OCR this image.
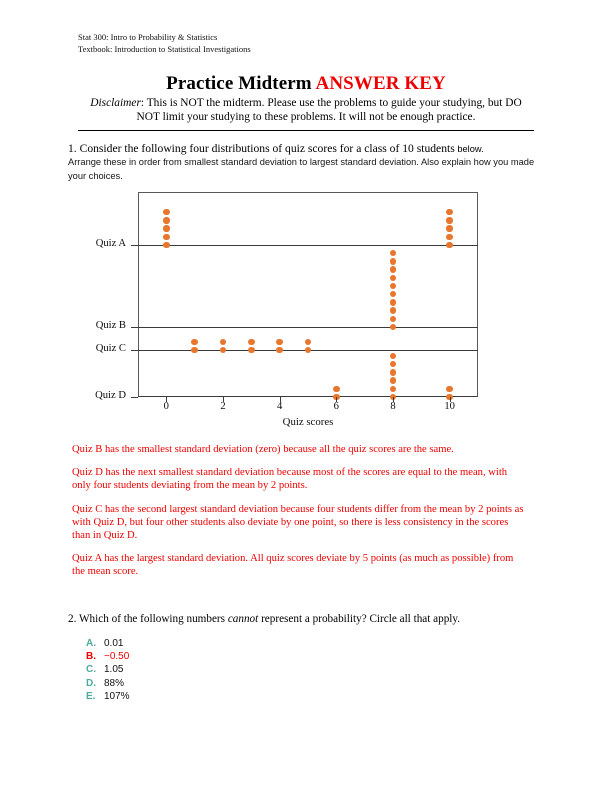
Stat 300: Intro to Probability & Statistics
Textbook: Introduction to Statistical Investigations
Practice Midterm ANSWER KEY
Disclaimer: This is NOT the midterm. Please use the problems to guide your studying, but DO NOT limit your studying to these problems. It will not be enough practice.
1. Consider the following four distributions of quiz scores for a class of 10 students below.
Arrange these in order from smallest standard deviation to largest standard deviation. Also explain how you made your choices.
Quiz A
Quiz B
Quiz C
Quiz D
0	2	4	6	8	10
Quiz scores

Quiz B has the smallest standard deviation (zero) because all the quiz scores are the same.

Quiz D has the next smallest standard deviation because most of the scores are equal to the mean, with only four students deviating from the mean by 2 points.

Quiz C has the second largest standard deviation because four students differ from the mean by 2 points as with Quiz D, but four other students also deviate by one point, so there is less consistency in the scores than in Quiz D.

Quiz A has the largest standard deviation. All quiz scores deviate by 5 points (as much as possible) from the mean score.

2. Which of the following numbers cannot represent a probability? Circle all that apply.
A. 0.01
B. −0.50
C. 1.05
D. 88%
E. 107%
